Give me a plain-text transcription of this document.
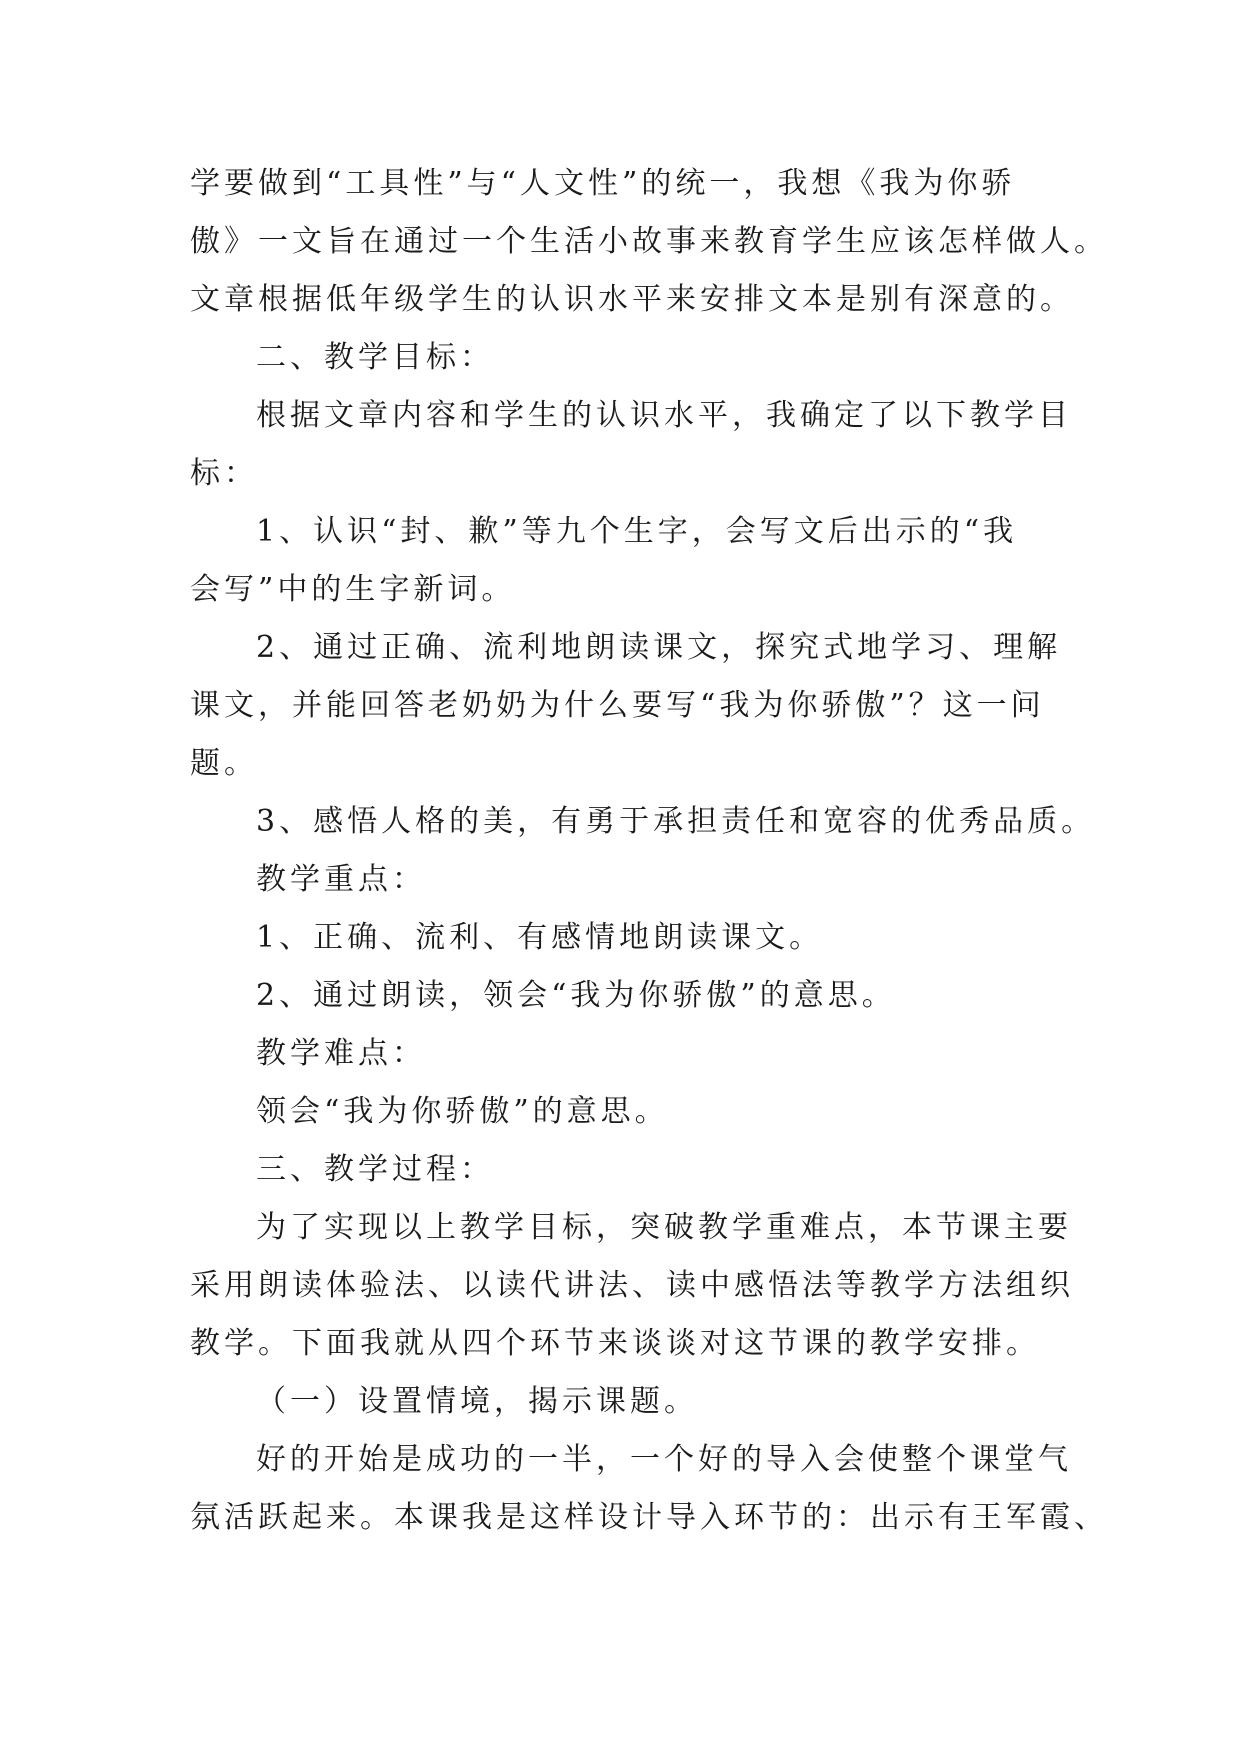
学要做到“工具性”与“人文性”的统一，我想《我为你骄
傲》一文旨在通过一个生活小故事来教育学生应该怎样做人。
文章根据低年级学生的认识水平来安排文本是别有深意的。
二、教学目标：
根据文章内容和学生的认识水平，我确定了以下教学目
标：
1、认识“封、歉”等九个生字，会写文后出示的“我
会写”中的生字新词。
2、通过正确、流利地朗读课文，探究式地学习、理解
课文，并能回答老奶奶为什么要写“我为你骄傲”？这一问
题。
3、感悟人格的美，有勇于承担责任和宽容的优秀品质。
教学重点：
1、正确、流利、有感情地朗读课文。
2、通过朗读，领会“我为你骄傲”的意思。
教学难点：
领会“我为你骄傲”的意思。
三、教学过程：
为了实现以上教学目标，突破教学重难点，本节课主要
采用朗读体验法、以读代讲法、读中感悟法等教学方法组织
教学。下面我就从四个环节来谈谈对这节课的教学安排。
（一）设置情境，揭示课题。
好的开始是成功的一半，一个好的导入会使整个课堂气
氛活跃起来。本课我是这样设计导入环节的：出示有王军霞、
